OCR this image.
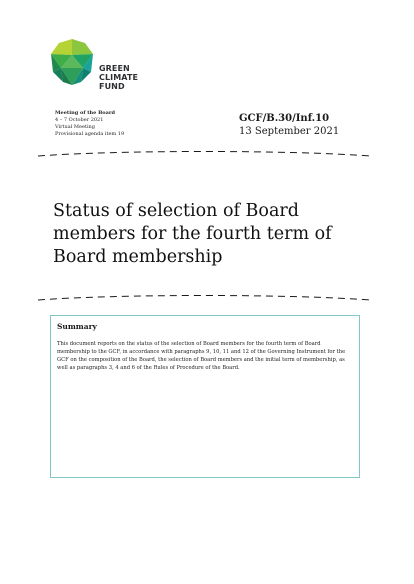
GREEN
CLIMATE
FUND
Meeting of the Board
4 – 7 October 2021
Virtual Meeting
Provisional agenda item 19
GCF/B.30/Inf.10
13 September 2021
Status of selection of Board members for the fourth term of Board membership
Summary

This document reports on the status of the selection of Board members for the fourth term of Board membership to the GCF, in accordance with paragraphs 9, 10, 11 and 12 of the Governing Instrument for the GCF on the composition of the Board, the selection of Board members and the initial term of membership, as well as paragraphs 3, 4 and 6 of the Rules of Procedure of the Board.
